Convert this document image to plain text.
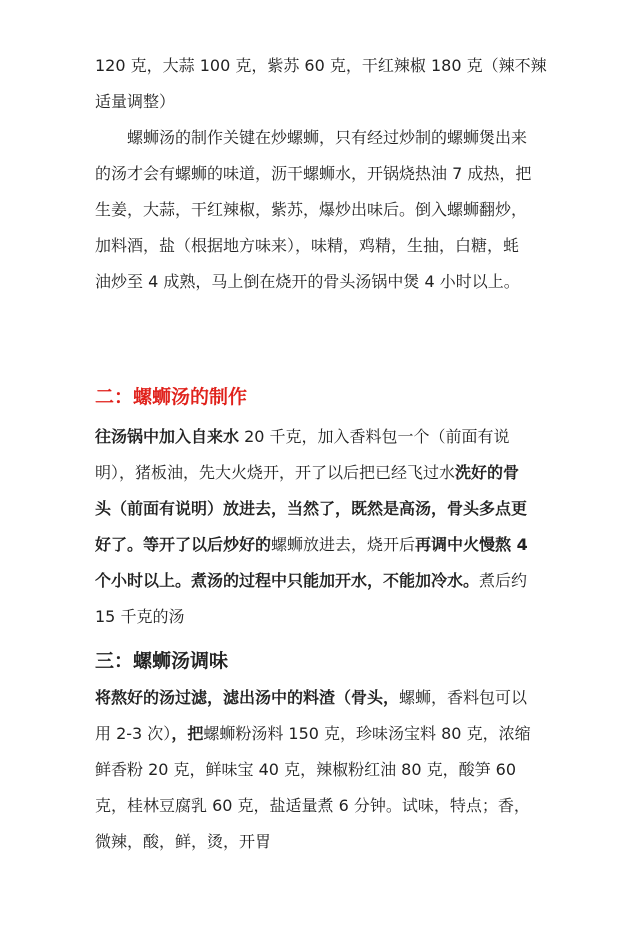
120 克，大蒜 100 克，紫苏 60 克，干红辣椒 180 克（辣不辣
适量调整）
螺蛳汤的制作关键在炒螺蛳，只有经过炒制的螺蛳煲出来
的汤才会有螺蛳的味道，沥干螺蛳水，开锅烧热油 7 成热，把
生姜，大蒜，干红辣椒，紫苏，爆炒出味后。倒入螺蛳翻炒，
加料酒，盐（根据地方味来），味精，鸡精，生抽，白糖，蚝
油炒至 4 成熟，马上倒在烧开的骨头汤锅中煲 4 小时以上。
二：螺蛳汤的制作
往汤锅中加入自来水 20 千克，加入香料包一个（前面有说
明），猪板油，先大火烧开，开了以后把已经飞过水洗好的骨
头（前面有说明）放进去，当然了，既然是高汤，骨头多点更
好了。等开了以后炒好的螺蛳放进去，烧开后再调中火慢熬 4
个小时以上。煮汤的过程中只能加开水，不能加冷水。煮后约
15 千克的汤
三：螺蛳汤调味
将熬好的汤过滤，滤出汤中的料渣（骨头，螺蛳，香料包可以
用 2-3 次），把螺蛳粉汤料 150 克，珍味汤宝料 80 克，浓缩
鲜香粉 20 克，鲜味宝 40 克，辣椒粉红油 80 克，酸笋 60
克，桂林豆腐乳 60 克，盐适量煮 6 分钟。试味，特点；香，
微辣，酸，鲜，烫，开胃
